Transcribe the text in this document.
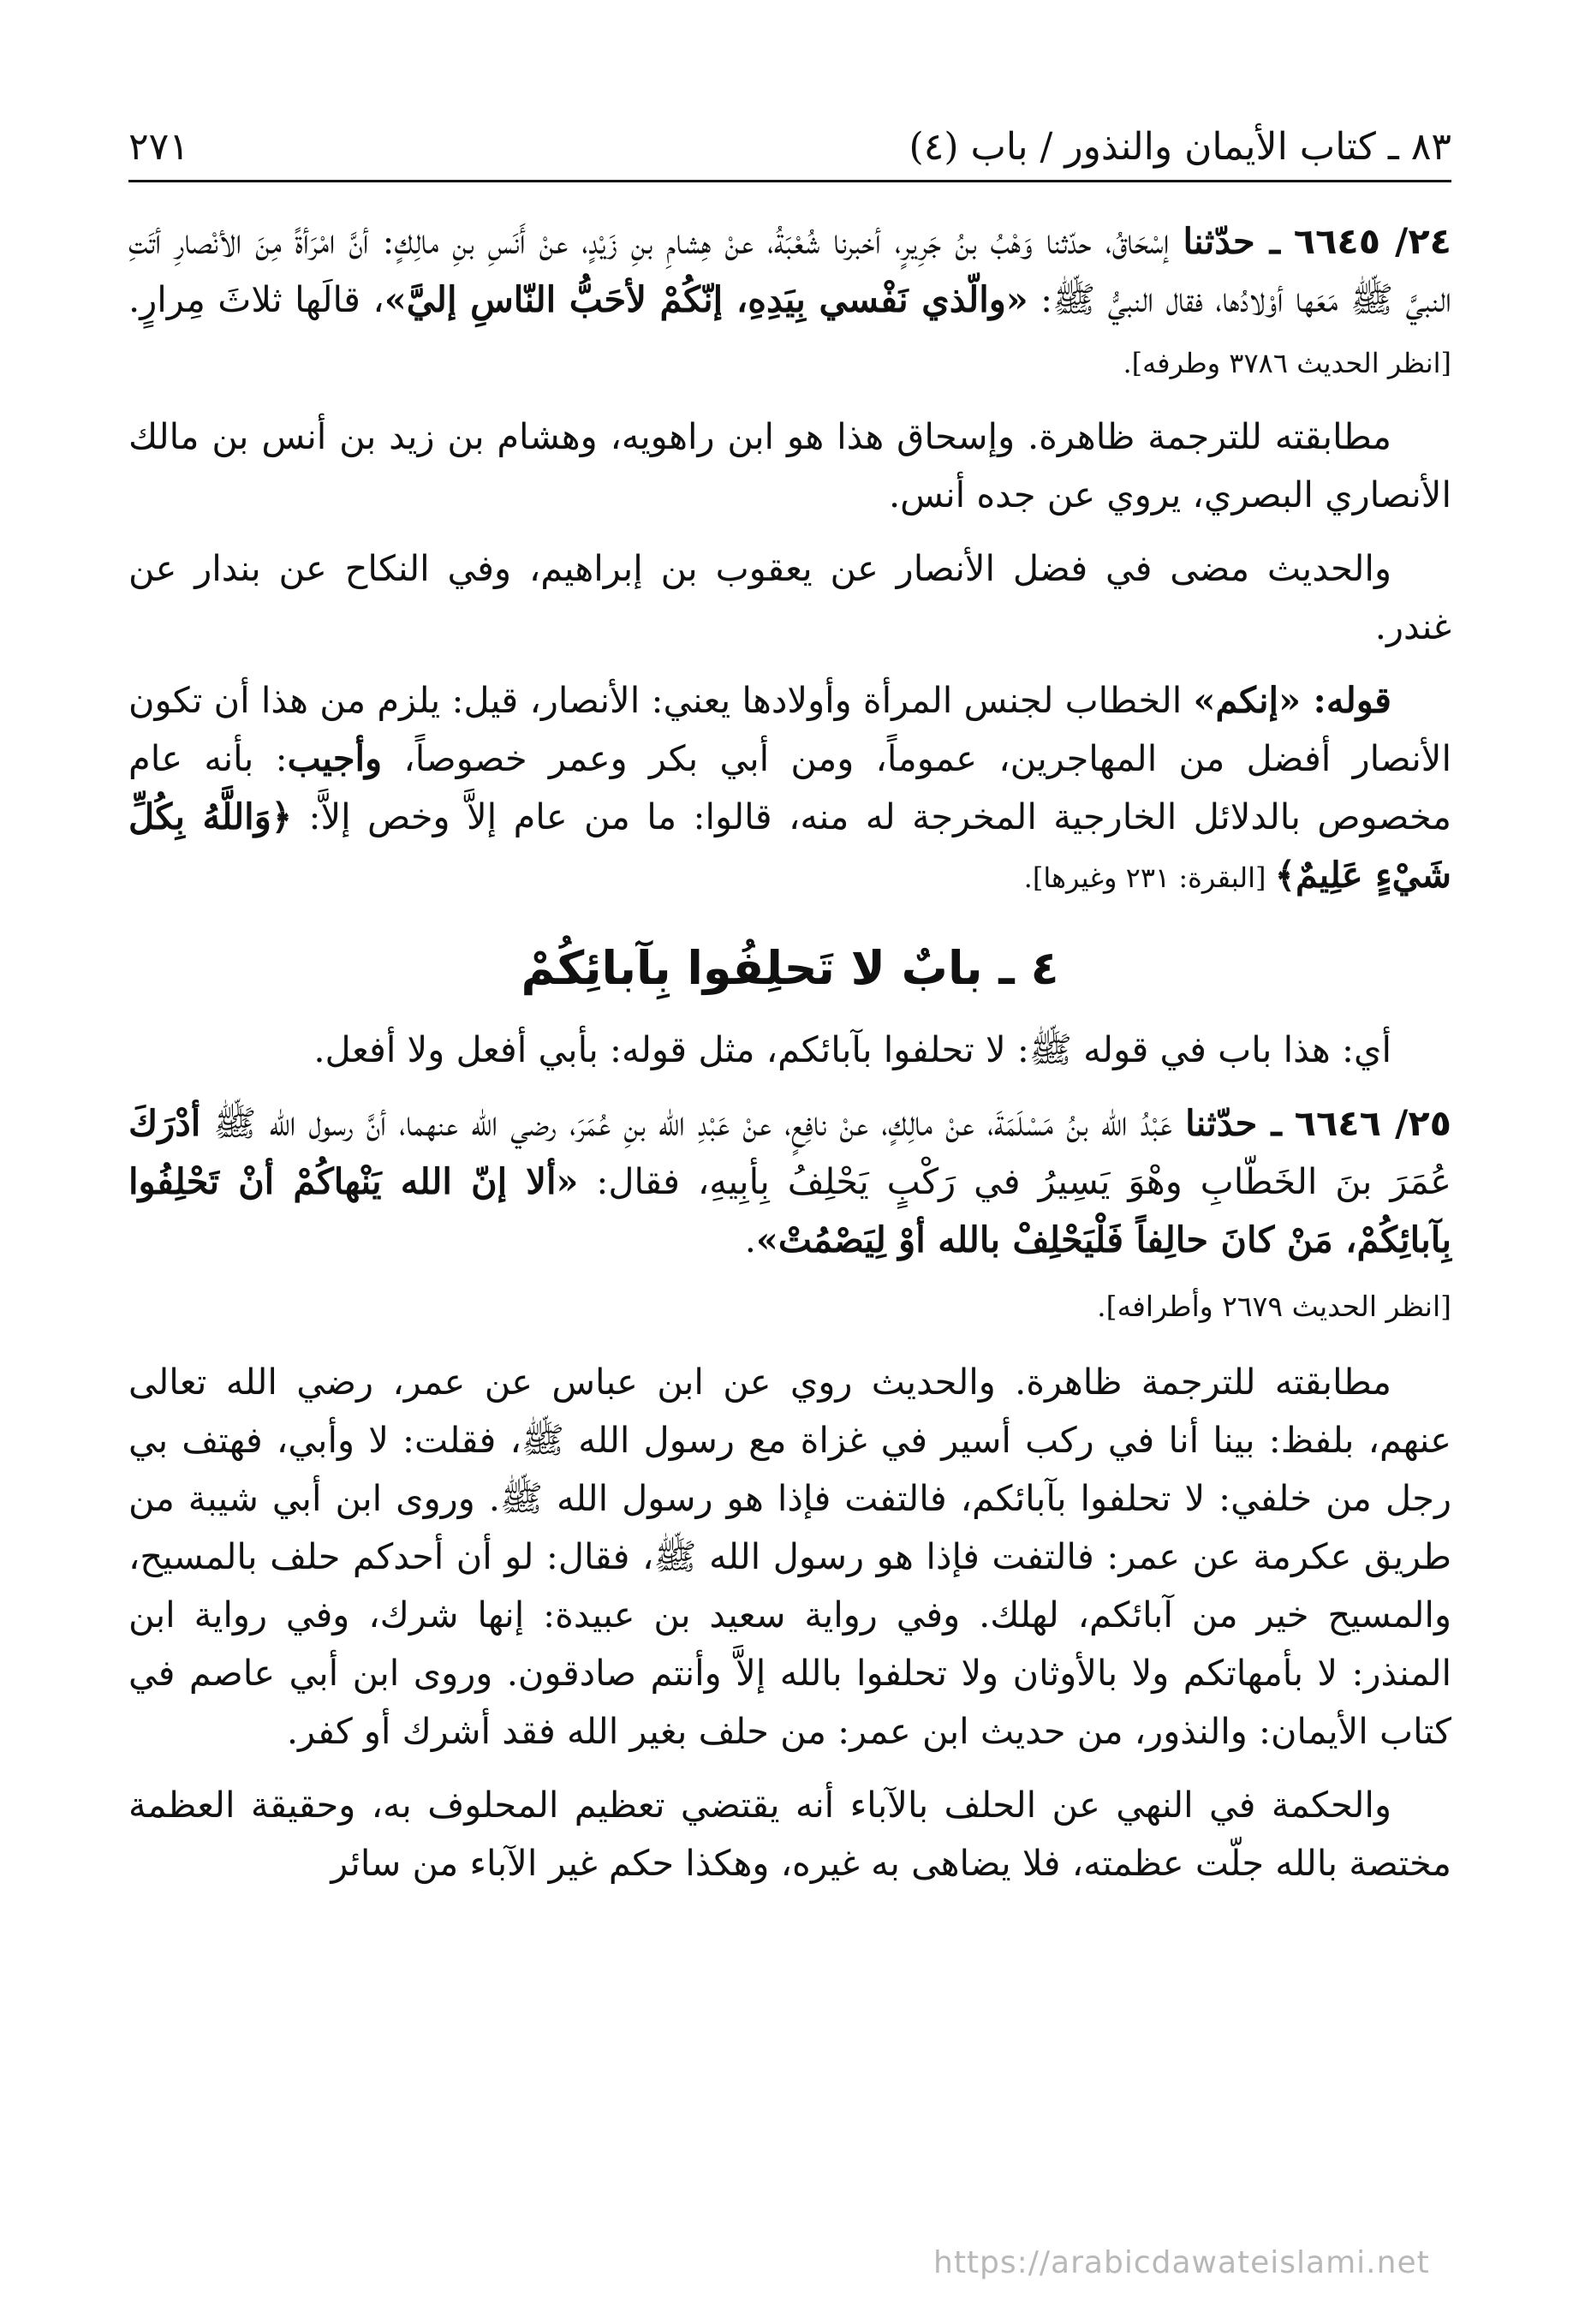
٨٣ ـ كتاب الأيمان والنذور / باب (٤)
٢٧١

٢٤/ ٦٦٤٥ ـ حدّثنا إسْحَاقُ، حدّثنا وَهْبُ بنُ جَرِيرٍ، أخبرنا شُعْبَةُ، عنْ هِشامِ بنِ زَيْدٍ، عنْ أَنَسِ بنِ مالِكٍ: أنَّ امْرَأةً مِنَ الأنْصارِ أتَتِ النبيَّ ﷺ مَعَها أوْلادُها، فقال النبيُّ ﷺ: «والّذي نَفْسي بِيَدِهِ، إنّكُمْ لأحَبُّ النّاسِ إليَّ»، قالَها ثلاثَ مِرارٍ. [انظر الحديث ٣٧٨٦ وطرفه].

مطابقته للترجمة ظاهرة. وإسحاق هذا هو ابن راهويه، وهشام بن زيد بن أنس بن مالك الأنصاري البصري، يروي عن جده أنس.

والحديث مضى في فضل الأنصار عن يعقوب بن إبراهيم، وفي النكاح عن بندار عن غندر.

قوله: «إنكم» الخطاب لجنس المرأة وأولادها يعني: الأنصار، قيل: يلزم من هذا أن تكون الأنصار أفضل من المهاجرين، عموماً، ومن أبي بكر وعمر خصوصاً، وأجيب: بأنه عام مخصوص بالدلائل الخارجية المخرجة له منه، قالوا: ما من عام إلاَّ وخص إلاَّ: ﴿وَاللَّهُ بِكُلِّ شَيْءٍ عَلِيمٌ﴾ [البقرة: ٢٣١ وغيرها].

٤ ـ بابٌ لا تَحلِفُوا بِآبائِكُمْ

أي: هذا باب في قوله ﷺ: لا تحلفوا بآبائكم، مثل قوله: بأبي أفعل ولا أفعل.

٢٥/ ٦٦٤٦ ـ حدّثنا عَبْدُ الله بنُ مَسْلَمَةَ، عنْ مالِكٍ، عنْ نافِعٍ، عنْ عَبْدِ الله بنِ عُمَرَ، رضي الله عنهما، أنَّ رسول الله ﷺ أدْرَكَ عُمَرَ بنَ الخَطّابِ وهْوَ يَسِيرُ في رَكْبٍ يَحْلِفُ بِأبِيهِ، فقال: «ألا إنّ الله يَنْهاكُمْ أنْ تَحْلِفُوا بِآبائِكُمْ، مَنْ كانَ حالِفاً فَلْيَحْلِفْ بالله أوْ لِيَصْمُتْ».

[انظر الحديث ٢٦٧٩ وأطرافه].

مطابقته للترجمة ظاهرة. والحديث روي عن ابن عباس عن عمر، رضي الله تعالى عنهم، بلفظ: بينا أنا في ركب أسير في غزاة مع رسول الله ﷺ، فقلت: لا وأبي، فهتف بي رجل من خلفي: لا تحلفوا بآبائكم، فالتفت فإذا هو رسول الله ﷺ. وروى ابن أبي شيبة من طريق عكرمة عن عمر: فالتفت فإذا هو رسول الله ﷺ، فقال: لو أن أحدكم حلف بالمسيح، والمسيح خير من آبائكم، لهلك. وفي رواية سعيد بن عبيدة: إنها شرك، وفي رواية ابن المنذر: لا بأمهاتكم ولا بالأوثان ولا تحلفوا بالله إلاَّ وأنتم صادقون. وروى ابن أبي عاصم في كتاب الأيمان: والنذور، من حديث ابن عمر: من حلف بغير الله فقد أشرك أو كفر.

والحكمة في النهي عن الحلف بالآباء أنه يقتضي تعظيم المحلوف به، وحقيقة العظمة مختصة بالله جلّت عظمته، فلا يضاهى به غيره، وهكذا حكم غير الآباء من سائر

https://arabicdawateislami.net
